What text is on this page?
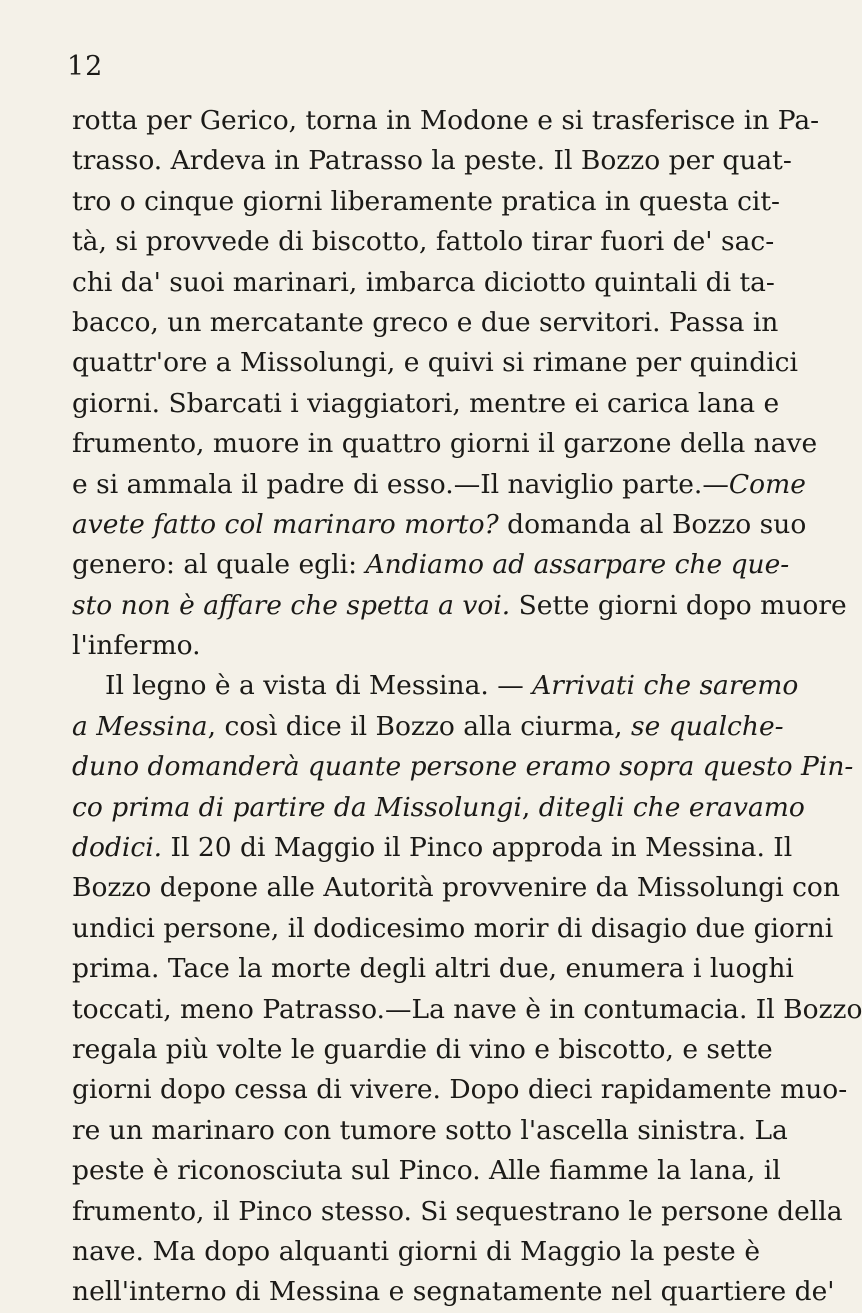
12
rotta per Gerico, torna in Modone e si trasferisce in Pa-
trasso. Ardeva in Patrasso la peste. Il Bozzo per quat-
tro o cinque giorni liberamente pratica in questa cit-
tà, si provvede di biscotto, fattolo tirar fuori de' sac-
chi da' suoi marinari, imbarca diciotto quintali di ta-
bacco, un mercatante greco e due servitori. Passa in
quattr'ore a Missolungi, e quivi si rimane per quindici
giorni. Sbarcati i viaggiatori, mentre ei carica lana e
frumento, muore in quattro giorni il garzone della nave
e si ammala il padre di esso.—Il naviglio parte.—Come
avete fatto col marinaro morto? domanda al Bozzo suo
genero: al quale egli: Andiamo ad assarpare che que-
sto non è affare che spetta a voi. Sette giorni dopo muore
l'infermo.
Il legno è a vista di Messina. — Arrivati che saremo
a Messina, così dice il Bozzo alla ciurma, se qualche-
duno domanderà quante persone eramo sopra questo Pin-
co prima di partire da Missolungi, ditegli che eravamo
dodici. Il 20 di Maggio il Pinco approda in Messina. Il
Bozzo depone alle Autorità provvenire da Missolungi con
undici persone, il dodicesimo morir di disagio due giorni
prima. Tace la morte degli altri due, enumera i luoghi
toccati, meno Patrasso.—La nave è in contumacia. Il Bozzo
regala più volte le guardie di vino e biscotto, e sette
giorni dopo cessa di vivere. Dopo dieci rapidamente muo-
re un marinaro con tumore sotto l'ascella sinistra. La
peste è riconosciuta sul Pinco. Alle fiamme la lana, il
frumento, il Pinco stesso. Si sequestrano le persone della
nave. Ma dopo alquanti giorni di Maggio la peste è
nell'interno di Messina e segnatamente nel quartiere de'
